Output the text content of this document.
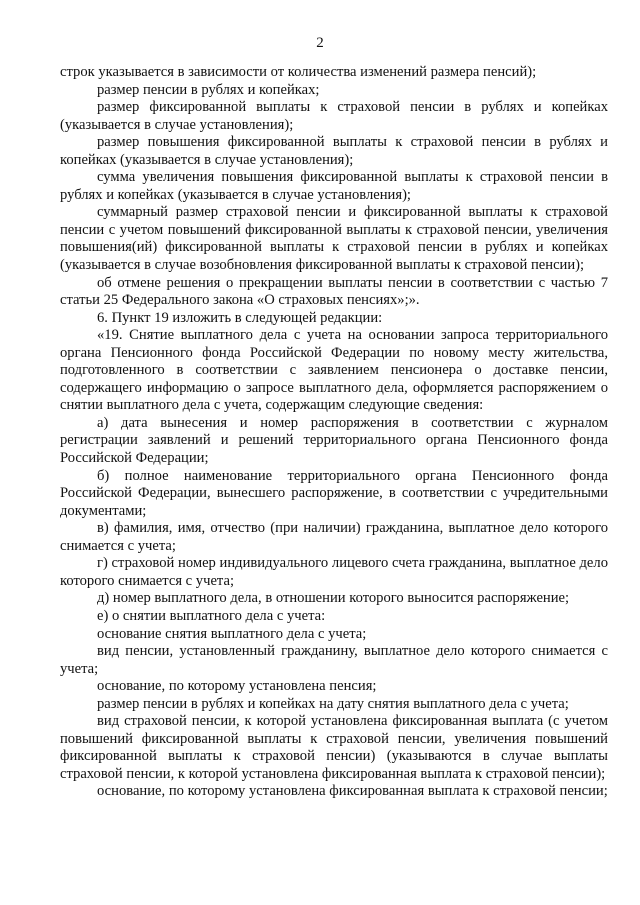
2

строк указывается в зависимости от количества изменений размера пенсий);

размер пенсии в рублях и копейках;

размер фиксированной выплаты к страховой пенсии в рублях и копейках (указывается в случае установления);

размер повышения фиксированной выплаты к страховой пенсии в рублях и копейках (указывается в случае установления);

сумма увеличения повышения фиксированной выплаты к страховой пенсии в рублях и копейках (указывается в случае установления);

суммарный размер страховой пенсии и фиксированной выплаты к страховой пенсии с учетом повышений фиксированной выплаты к страховой пенсии, увеличения повышения(ий) фиксированной выплаты к страховой пенсии в рублях и копейках (указывается в случае возобновления фиксированной выплаты к страховой пенсии);

об отмене решения о прекращении выплаты пенсии в соответствии с частью 7 статьи 25 Федерального закона «О страховых пенсиях»;».

6. Пункт 19 изложить в следующей редакции:

«19. Снятие выплатного дела с учета на основании запроса территориального органа Пенсионного фонда Российской Федерации по новому месту жительства, подготовленного в соответствии с заявлением пенсионера о доставке пенсии, содержащего информацию о запросе выплатного дела, оформляется распоряжением о снятии выплатного дела с учета, содержащим следующие сведения:

а) дата вынесения и номер распоряжения в соответствии с журналом регистрации заявлений и решений территориального органа Пенсионного фонда Российской Федерации;

б) полное наименование территориального органа Пенсионного фонда Российской Федерации, вынесшего распоряжение, в соответствии с учредительными документами;

в) фамилия, имя, отчество (при наличии) гражданина, выплатное дело которого снимается с учета;

г) страховой номер индивидуального лицевого счета гражданина, выплатное дело которого снимается с учета;

д) номер выплатного дела, в отношении которого выносится распоряжение;

е) о снятии выплатного дела с учета:

основание снятия выплатного дела с учета;

вид пенсии, установленный гражданину, выплатное дело которого снимается с учета;

основание, по которому установлена пенсия;

размер пенсии в рублях и копейках на дату снятия выплатного дела с учета;

вид страховой пенсии, к которой установлена фиксированная выплата (с учетом повышений фиксированной выплаты к страховой пенсии, увеличения повышений фиксированной выплаты к страховой пенсии) (указываются в случае выплаты страховой пенсии, к которой установлена фиксированная выплата к страховой пенсии);

основание, по которому установлена фиксированная выплата к страховой пенсии;
